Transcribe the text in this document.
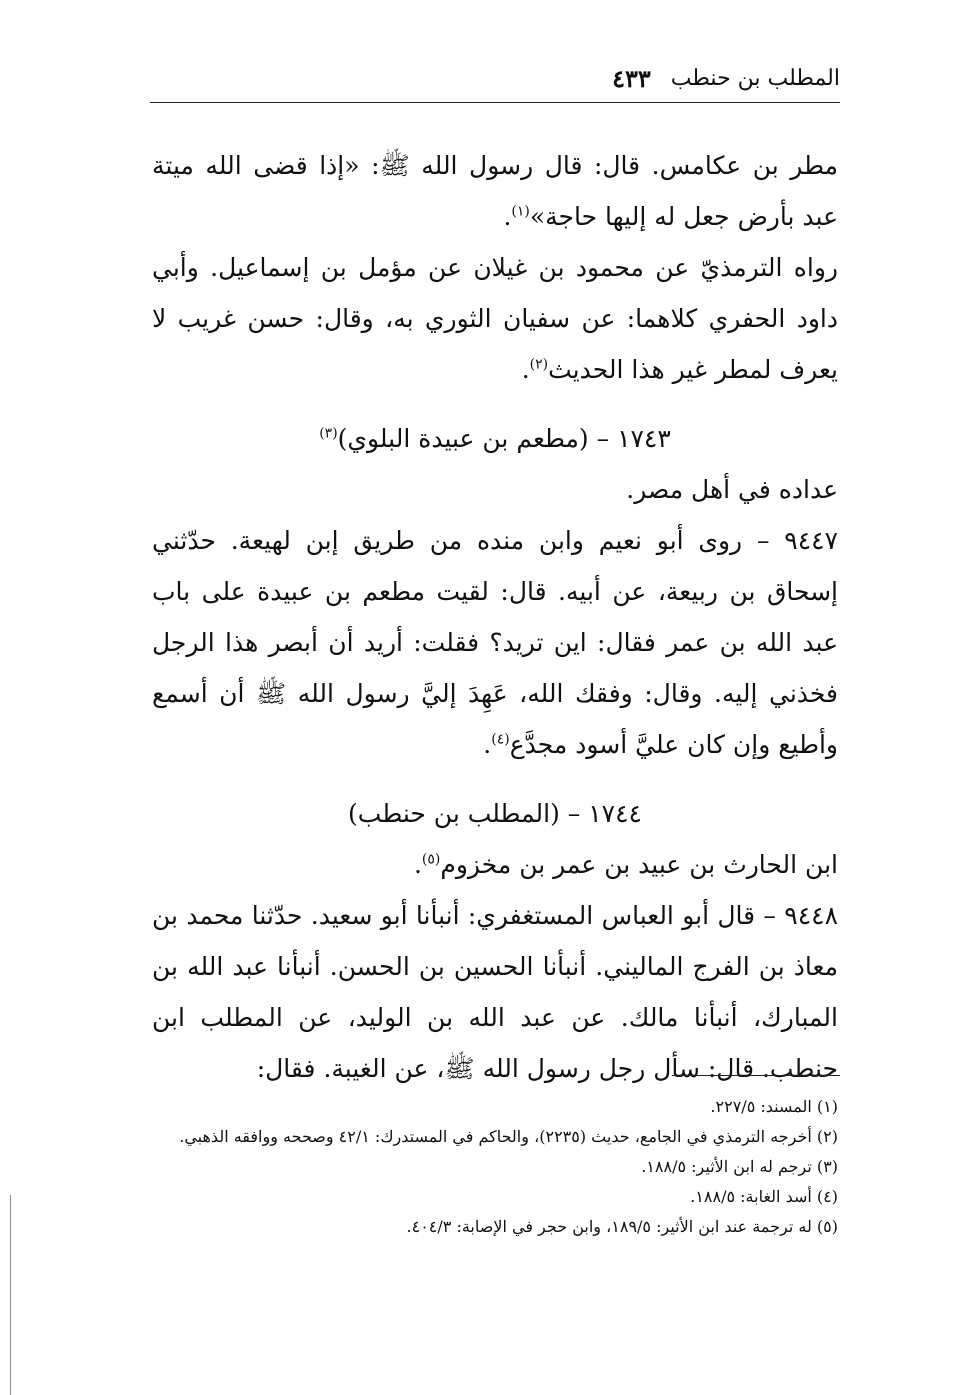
المطلب بن حنطب
٤٣٣

مطر بن عكامس. قال: قال رسول الله ﷺ: «إذا قضى الله ميتة عبد بأرض جعل له إليها حاجة»$^{(١)}$.

رواه الترمذيّ عن محمود بن غيلان عن مؤمل بن إسماعيل. وأبي داود الحفري كلاهما: عن سفيان الثوري به، وقال: حسن غريب لا يعرف لمطر غير هذا الحديث$^{(٢)}$.

١٧٤٣ – (مطعم بن عبيدة البلوي)$^{(٣)}$

عداده في أهل مصر.

٩٤٤٧ – روى أبو نعيم وابن منده من طريق إبن لهيعة. حدّثني إسحاق بن ربيعة، عن أبيه. قال: لقيت مطعم بن عبيدة على باب عبد الله بن عمر فقال: اين تريد؟ فقلت: أريد أن أبصر هذا الرجل فخذني إليه. وقال: وفقك الله، عَهِدَ إليَّ رسول الله ﷺ أن أسمع وأطيع وإن كان عليَّ أسود مجدَّع$^{(٤)}$.

١٧٤٤ – (المطلب بن حنطب)

ابن الحارث بن عبيد بن عمر بن مخزوم$^{(٥)}$.

٩٤٤٨ – قال أبو العباس المستغفري: أنبأنا أبو سعيد. حدّثنا محمد بن معاذ بن الفرج الماليني. أنبأنا الحسين بن الحسن. أنبأنا عبد الله بن المبارك، أنبأنا مالك. عن عبد الله بن الوليد، عن المطلب ابن حنطب. قال: سأل رجل رسول الله ﷺ، عن الغيبة. فقال:

(١) المسند: ٢٢٧/٥.

(٢) أخرجه الترمذي في الجامع، حديث (٢٢٣٥)، والحاكم في المستدرك: ٤٢/١ وصححه ووافقه الذهبي.

(٣) ترجم له ابن الأثير: ١٨٨/٥.

(٤) أسد الغابة: ١٨٨/٥.

(٥) له ترجمة عند ابن الأثير: ١٨٩/٥، وابن حجر في الإصابة: ٤٠٤/٣.
